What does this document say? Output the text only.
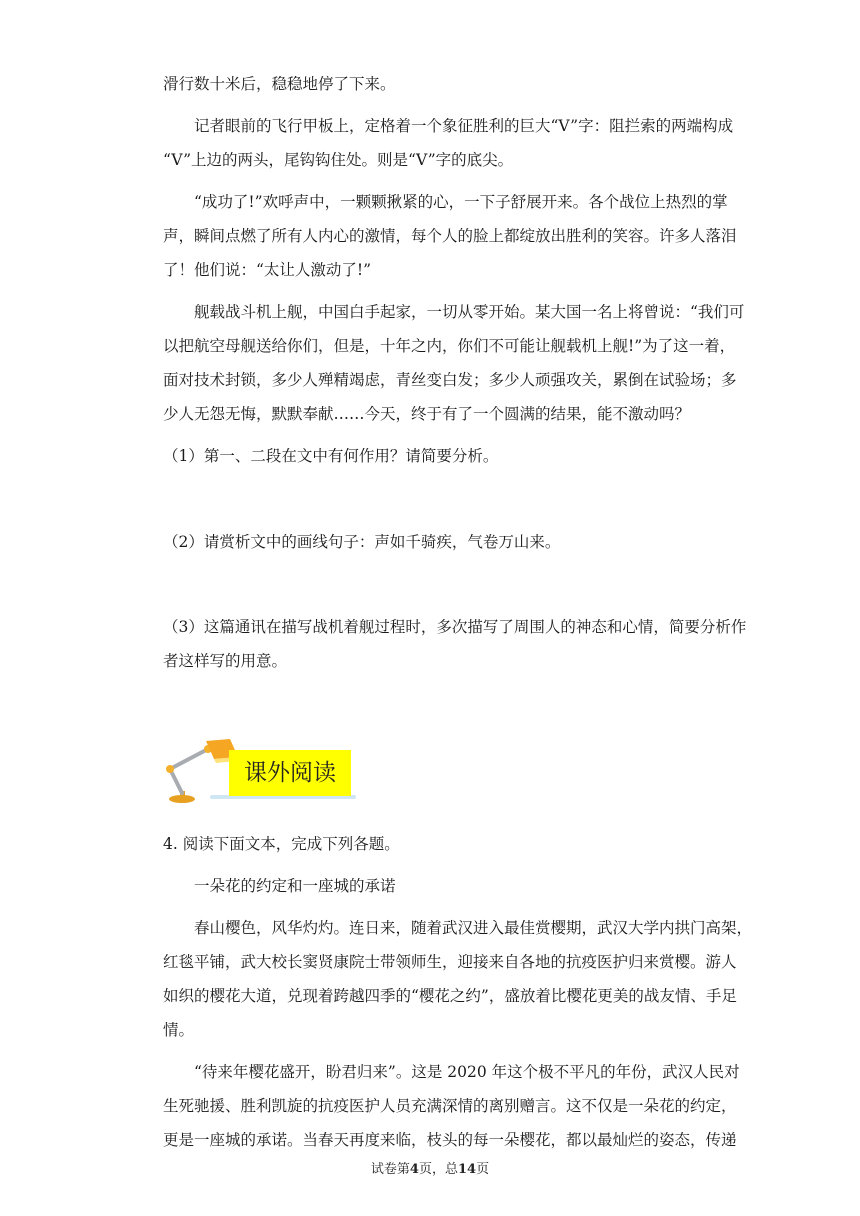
滑行数十米后，稳稳地停了下来。
记者眼前的飞行甲板上，定格着一个象征胜利的巨大“V”字：阻拦索的两端构成
“V”上边的两头，尾钩钩住处。则是“V”字的底尖。
“成功了!”欢呼声中，一颗颗揪紧的心，一下子舒展开来。各个战位上热烈的掌
声，瞬间点燃了所有人内心的激情，每个人的脸上都绽放出胜利的笑容。许多人落泪
了！他们说：“太让人激动了!”
舰载战斗机上舰，中国白手起家，一切从零开始。某大国一名上将曾说：“我们可
以把航空母舰送给你们，但是，十年之内，你们不可能让舰载机上舰!”为了这一着，
面对技术封锁，多少人殚精竭虑，青丝变白发；多少人顽强攻关，累倒在试验场；多
少人无怨无悔，默默奉献……今天，终于有了一个圆满的结果，能不激动吗？
（1）第一、二段在文中有何作用？请简要分析。
（2）请赏析文中的画线句子：声如千骑疾，气卷万山来。
（3）这篇通讯在描写战机着舰过程时，多次描写了周围人的神态和心情，简要分析作
者这样写的用意。
课外阅读
4. 阅读下面文本，完成下列各题。
一朵花的约定和一座城的承诺
春山樱色，风华灼灼。连日来，随着武汉进入最佳赏樱期，武汉大学内拱门高架，
红毯平铺，武大校长窦贤康院士带领师生，迎接来自各地的抗疫医护归来赏樱。游人
如织的樱花大道，兑现着跨越四季的“樱花之约”，盛放着比樱花更美的战友情、手足
情。
“待来年樱花盛开，盼君归来”。这是 2020 年这个极不平凡的年份，武汉人民对
生死驰援、胜利凯旋的抗疫医护人员充满深情的离别赠言。这不仅是一朵花的约定，
更是一座城的承诺。当春天再度来临，枝头的每一朵樱花，都以最灿烂的姿态，传递
试卷第4页，总14页
